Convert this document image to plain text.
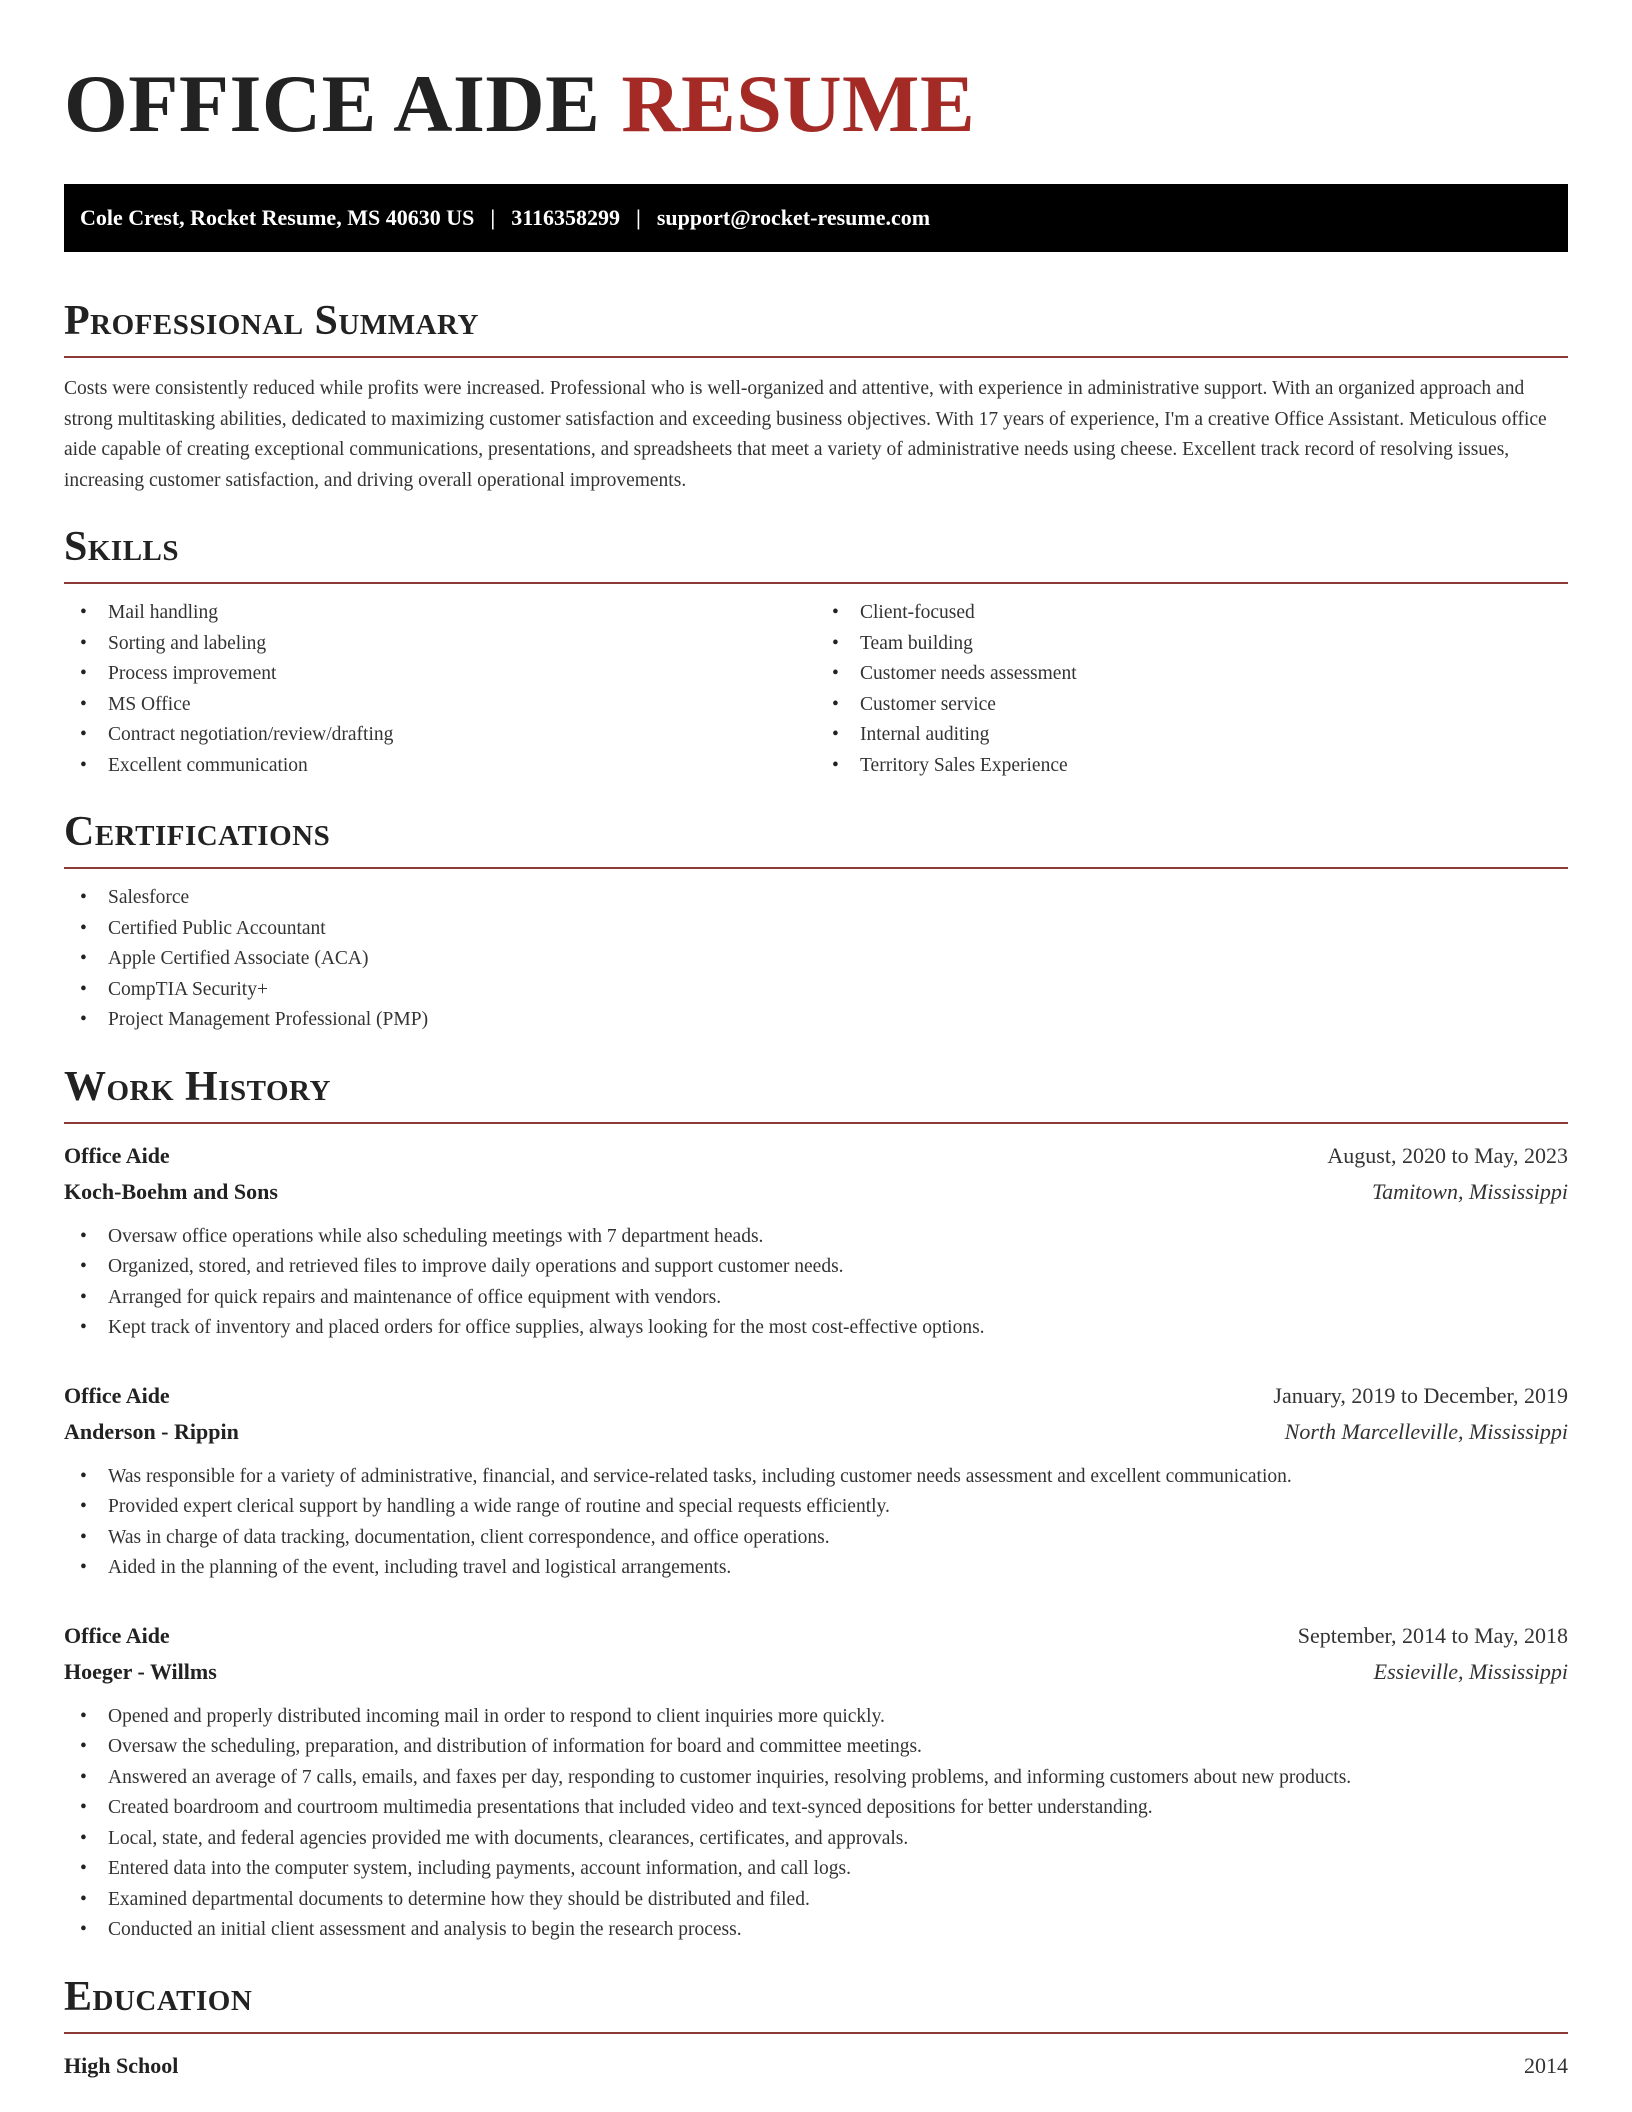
OFFICE AIDE RESUME
Cole Crest, Rocket Resume, MS 40630 US | 3116358299 | support@rocket-resume.com
Professional Summary

Costs were consistently reduced while profits were increased. Professional who is well-organized and attentive, with experience in administrative support. With an organized approach and strong multitasking abilities, dedicated to maximizing customer satisfaction and exceeding business objectives. With 17 years of experience, I'm a creative Office Assistant. Meticulous office aide capable of creating exceptional communications, presentations, and spreadsheets that meet a variety of administrative needs using cheese. Excellent track record of resolving issues, increasing customer satisfaction, and driving overall operational improvements.

Skills
• Mail handling
• Sorting and labeling
• Process improvement
• MS Office
• Contract negotiation/review/drafting
• Excellent communication
• Client-focused
• Team building
• Customer needs assessment
• Customer service
• Internal auditing
• Territory Sales Experience
Certifications
• Salesforce
• Certified Public Accountant
• Apple Certified Associate (ACA)
• CompTIA Security+
• Project Management Professional (PMP)
Work History
Office Aide	August, 2020 to May, 2023
Koch-Boehm and Sons	Tamitown, Mississippi
• Oversaw office operations while also scheduling meetings with 7 department heads.
• Organized, stored, and retrieved files to improve daily operations and support customer needs.
• Arranged for quick repairs and maintenance of office equipment with vendors.
• Kept track of inventory and placed orders for office supplies, always looking for the most cost-effective options.
Office Aide	January, 2019 to December, 2019
Anderson - Rippin	North Marcelleville, Mississippi
• Was responsible for a variety of administrative, financial, and service-related tasks, including customer needs assessment and excellent communication.
• Provided expert clerical support by handling a wide range of routine and special requests efficiently.
• Was in charge of data tracking, documentation, client correspondence, and office operations.
• Aided in the planning of the event, including travel and logistical arrangements.
Office Aide	September, 2014 to May, 2018
Hoeger - Willms	Essieville, Mississippi
• Opened and properly distributed incoming mail in order to respond to client inquiries more quickly.
• Oversaw the scheduling, preparation, and distribution of information for board and committee meetings.
• Answered an average of 7 calls, emails, and faxes per day, responding to customer inquiries, resolving problems, and informing customers about new products.
• Created boardroom and courtroom multimedia presentations that included video and text-synced depositions for better understanding.
• Local, state, and federal agencies provided me with documents, clearances, certificates, and approvals.
• Entered data into the computer system, including payments, account information, and call logs.
• Examined departmental documents to determine how they should be distributed and filed.
• Conducted an initial client assessment and analysis to begin the research process.
Education
High School	2014
